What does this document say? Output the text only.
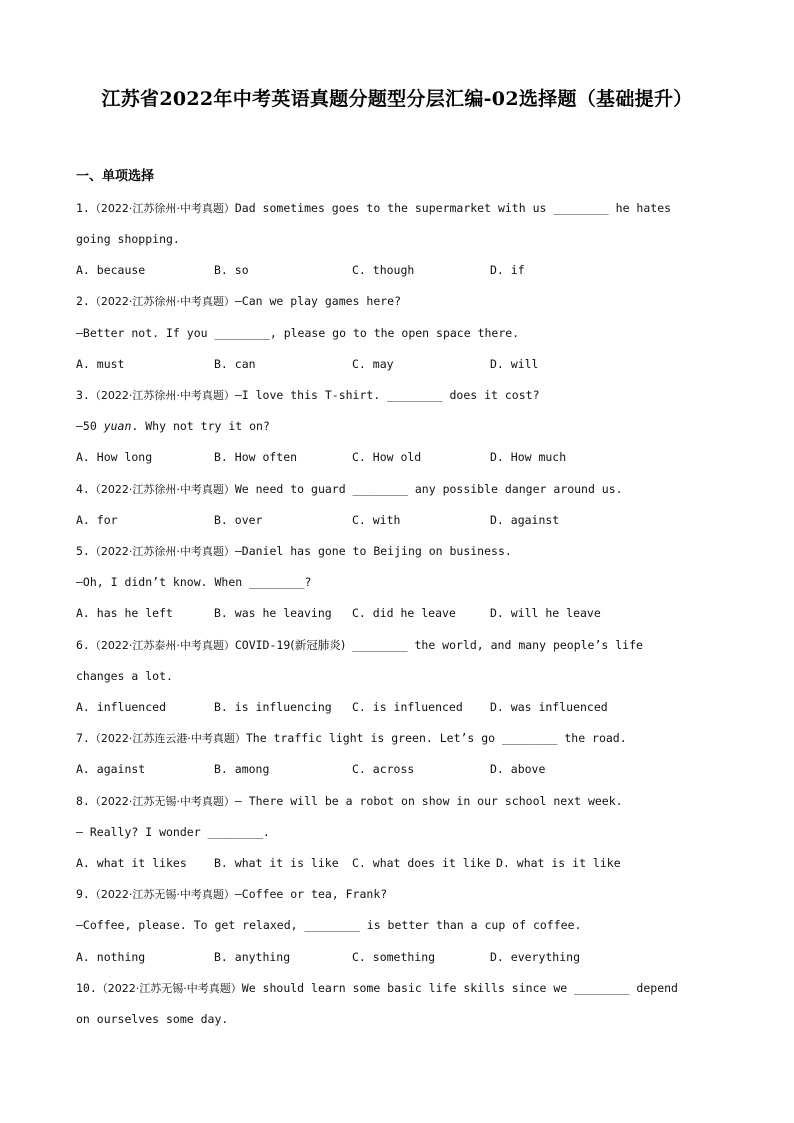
江苏省2022年中考英语真题分题型分层汇编-02选择题（基础提升）
一、单项选择
1.（2022·江苏徐州·中考真题）Dad sometimes goes to the supermarket with us ________ he hates
going shopping.
A. because	B. so	C. though	D. if
2.（2022·江苏徐州·中考真题）—Can we play games here?
—Better not. If you ________, please go to the open space there.
A. must	B. can	C. may	D. will
3.（2022·江苏徐州·中考真题）—I love this T-shirt. ________ does it cost?
—50 yuan. Why not try it on?
A. How long	B. How often	C. How old	D. How much
4.（2022·江苏徐州·中考真题）We need to guard ________ any possible danger around us.
A. for	B. over	C. with	D. against
5.（2022·江苏徐州·中考真题）—Daniel has gone to Beijing on business.
—Oh, I didn’t know. When ________?
A. has he left	B. was he leaving C. did he leave	D. will he leave
6.（2022·江苏泰州·中考真题）COVID-19(新冠肺炎) ________ the world, and many people’s life
changes a lot.
A. influenced	B. is influencing C. is influenced D. was influenced
7.（2022·江苏连云港·中考真题）The traffic light is green. Let’s go ________ the road.
A. against	B. among	C. across	D. above
8.（2022·江苏无锡·中考真题）— There will be a robot on show in our school next week.
— Really? I wonder ________.
A. what it likes B. what it is like C. what does it like D. what is it like
9.（2022·江苏无锡·中考真题）—Coffee or tea, Frank?
—Coffee, please. To get relaxed, ________ is better than a cup of coffee.
A. nothing	B. anything	C. something	D. everything
10.（2022·江苏无锡·中考真题）We should learn some basic life skills since we ________ depend
on ourselves some day.
